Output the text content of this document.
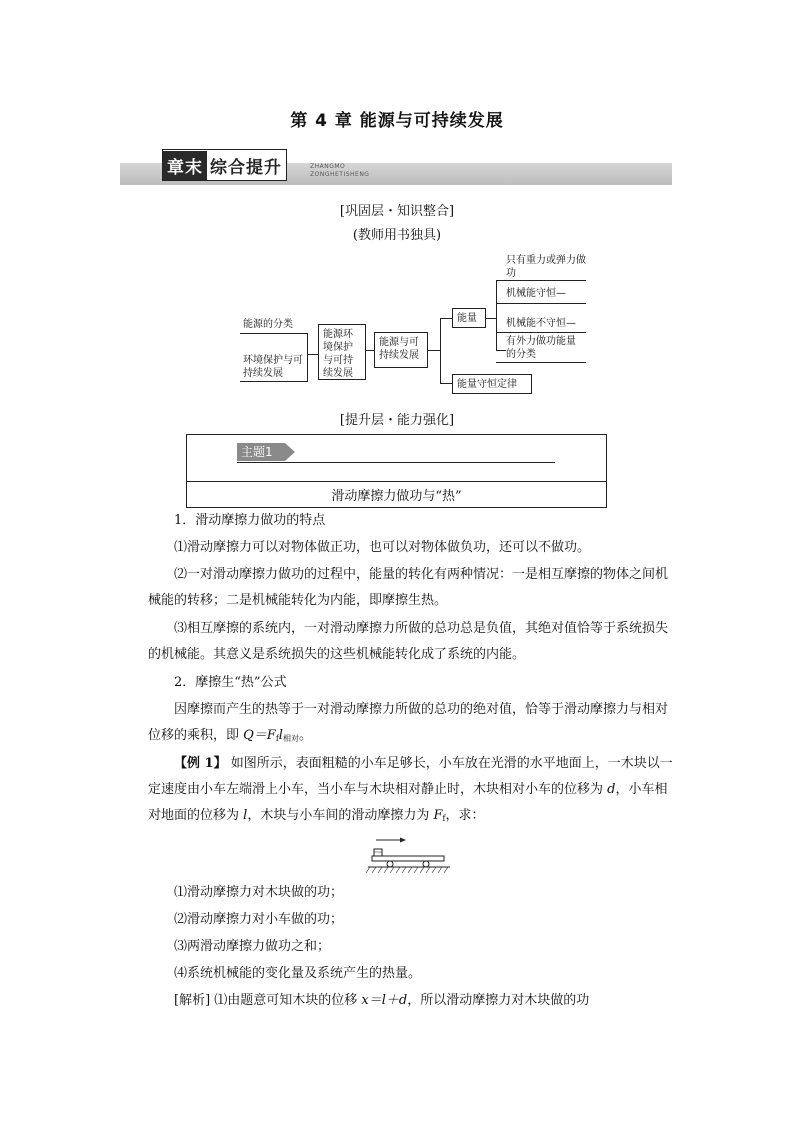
第 4 章 能源与可持续发展
章末 综合提升	ZHANGMO
ZONGHETISHENG
[巩固层・知识整合]
(教师用书独具)
能源的分类
环境保护与可持续发展
能源环境保护与可持续发展
能源与可持续发展
能量
只有重力或弹力做功
机械能守恒—
机械能不守恒—
有外力做功能量的分类
能量守恒定律
[提升层・能力强化]
主题1
滑动摩擦力做功与“热”
1．滑动摩擦力做功的特点
⑴滑动摩擦力可以对物体做正功，也可以对物体做负功，还可以不做功。
⑵一对滑动摩擦力做功的过程中，能量的转化有两种情况：一是相互摩擦的物体之间机械能的转移；二是机械能转化为内能，即摩擦生热。
⑶相互摩擦的系统内，一对滑动摩擦力所做的总功总是负值，其绝对值恰等于系统损失的机械能。其意义是系统损失的这些机械能转化成了系统的内能。
2．摩擦生“热”公式
因摩擦而产生的热等于一对滑动摩擦力所做的总功的绝对值，恰等于滑动摩擦力与相对位移的乘积，即 $Q=F_fl_{相对}$。
【例 1】 如图所示，表面粗糙的小车足够长，小车放在光滑的水平地面上，一木块以一定速度由小车左端滑上小车，当小车与木块相对静止时，木块相对小车的位移为 d，小车相对地面的位移为 l，木块与小车间的滑动摩擦力为 $F_f$，求：
⑴滑动摩擦力对木块做的功；
⑵滑动摩擦力对小车做的功；
⑶两滑动摩擦力做功之和；
⑷系统机械能的变化量及系统产生的热量。
[解析] ⑴由题意可知木块的位移 x＝l＋d，所以滑动摩擦力对木块做的功
